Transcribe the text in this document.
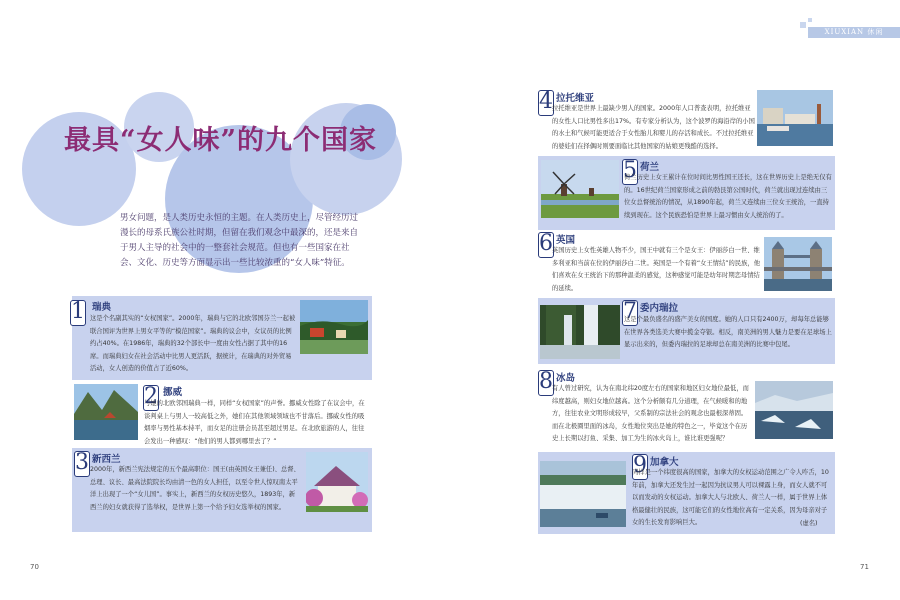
XIUXIAN 休闲
最具“女人味”的九个国家
男女问题，是人类历史永恒的主题。在人类历史上，尽管经历过漫长的母系氏族公社时期，但留在我们观念中最深的，还是来自于男人主导的社会中的一整套社会规范。但也有一些国家在社会、文化、历史等方面显示出一些比较浓重的“女人味”特征。
1 瑞典
这是个名副其实的“女权国家”。2000年，瑞典与它的北欧邻国芬兰一起被联合国评为世界上男女平等的“模范国家”。瑞典的议会中，女议员的比例约占40%。在1986年，瑞典的32个部长中一度由女性占据了其中的16席。而瑞典妇女在社会活动中比男人更活跃，据统计，在瑞典的对外贸易活动，女人创造的价值占了近60%。
2 挪威
与她的北欧邻国瑞典一样，同样“女权国家”的声誉。挪威女性除了在议会中，在谈判桌上与男人一较高低之外，她们在其他领域领域也不甘落后。挪威女性的吸烟率与男性基本持平，而女足的注册会员甚至超过男足。在北欧旅游的人，往往会发出一种感叹：“他们的男人都到哪里去了？”
3 新西兰
2000年，新西兰宪法规定的五个最高职位：国王(由英国女王兼任)、总督、总理、议长、最高法院院长均由清一色的女人担任，以至令世人惊叹南太平洋上出现了一个“女儿国”。事实上，新西兰的女权历史悠久，1893年，新西兰的妇女就获得了选举权，是世界上第一个给予妇女选举权的国家。
4 拉托维亚
拉托维亚是世界上最缺少男人的国家。2000年人口普查表明，拉托维亚的女性人口比男性多出17%。有专家分析认为，这个波罗的海沿岸的小国的水土和气候可能更适合于女性胎儿和婴儿的存活和成长。不过拉托维亚的婆娃们在择偶时则要面临比其他国家的姑娘更残酷的选择。
5 荷兰
荷兰历史上女王累计在位时间比男性国王还长，这在世界历史上是绝无仅有的。16世纪荷兰国家形成之前的勃艮第公国时代，荷兰就出现过连续由三位女总督统治的情况，从1890年起，荷兰又连续由三位女王统治，一直持续到现在。这个民族恐怕是世界上最习惯由女人统治的了。
6 英国
英国历史上女性英雄人物不少，国王中就有三个是女王：伊丽莎白一世、维多利亚和当前在位的伊丽莎白二世。英国是一个有着“女王情结”的民族，他们喜欢在女王统治下的那种温柔的感觉，这种感觉可能是幼年时期恋母情结的延续。
7 委内瑞拉
这是个最负盛名的盛产美女的国度。她的人口只有2400万，却每年总能够在世界各类选美大赛中揽金夺银。相反，南美洲的男人魅力是要在足球场上显示出来的，但委内瑞拉的足球却总在南美洲的比赛中包尾。
8 冰岛
有人曾过研究，认为在南北纬20度左右的国家和地区妇女地位最低，而纬度越高，则妇女地位越高。这个分析颇有几分道理，在气候暖和的地方，往往农业文明形成较早，父系制的宗法社会的观念也最根深蒂固。而在北极圈里面的冰岛，女性地位突出是她的特色之一，毕竟这个在历史上长期以打鱼、采集、加工为生的冰火岛上，谁比谁更强呢？
9 加拿大
同样是一个纬度很高的国家，加拿大的女权运动范围之广令人咋舌，10年前，加拿大还发生过一起因为抗议男人可以裸露上身，而女人就不可以而发动的女权运动。加拿大人与北欧人、荷兰人一样，属于世界上体格最健壮的民族，这可能它们的女性地位高有一定关系，因为母亲对子女的生长发育影响巨大。	(虚名)
70	71
